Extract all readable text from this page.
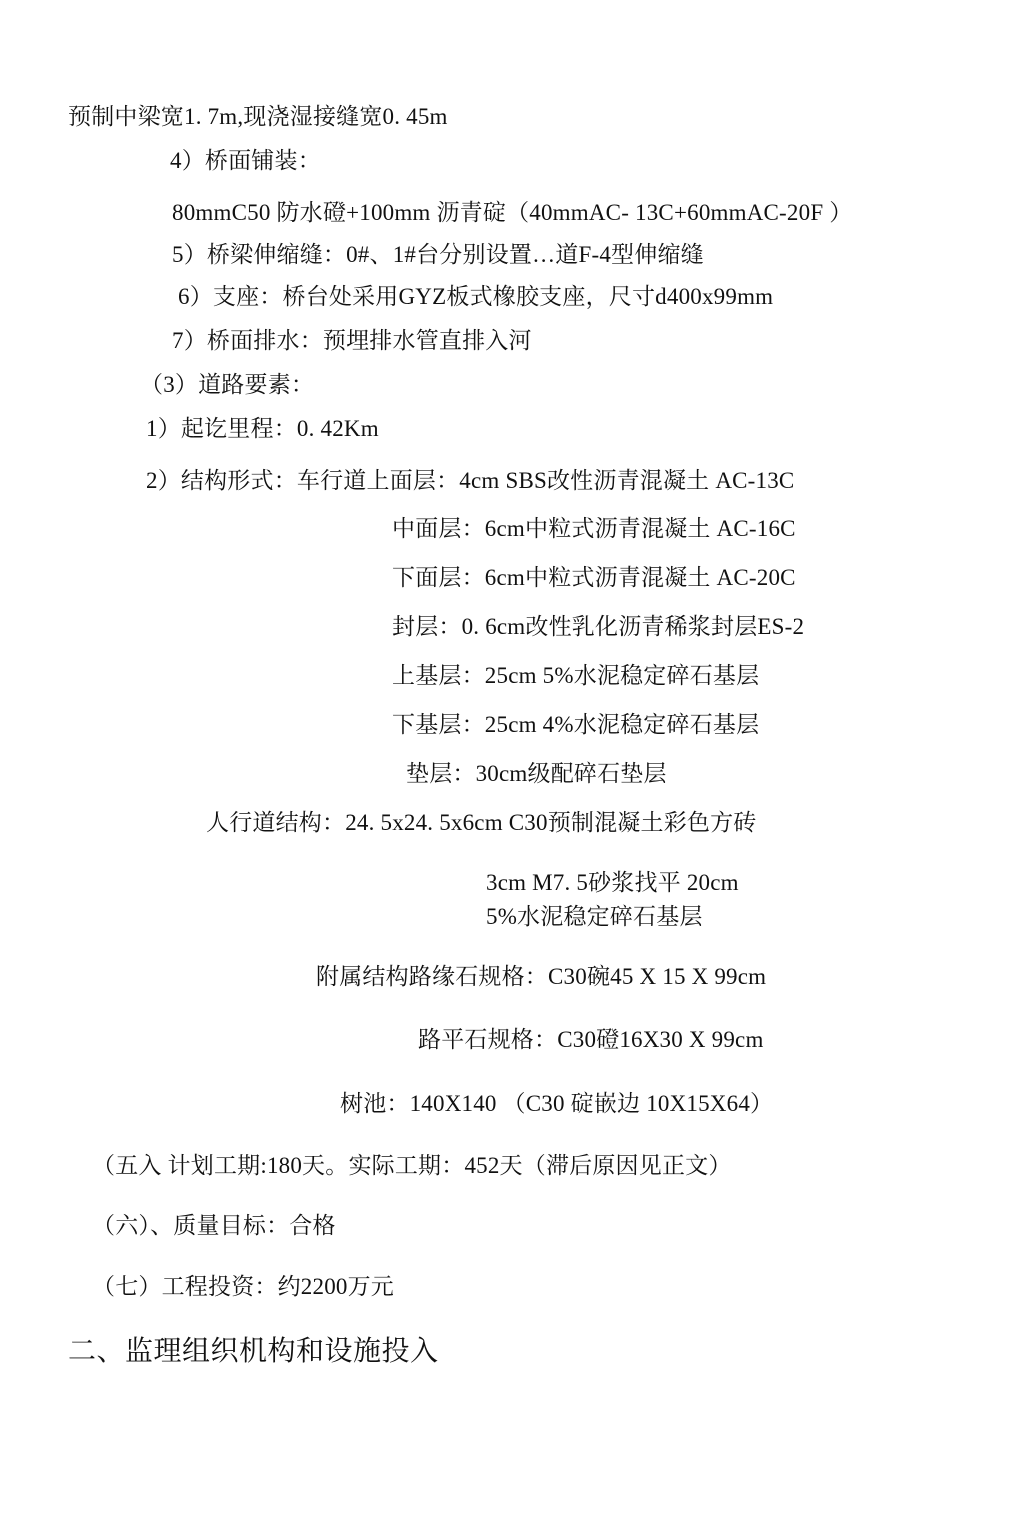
预制中梁宽1. 7m,现浇湿接缝宽0. 45m
4）桥面铺装：
80mmC50 防水磴+100mm 沥青碇（40mmAC- 13C+60mmAC-20F ）
5）桥梁伸缩缝：0#、1#台分别设置…道F-4型伸缩缝
6）支座：桥台处采用GYZ板式橡胶支座，尺寸d400x99mm
7）桥面排水：预埋排水管直排入河
（3）道路要素：
1）起讫里程：0. 42Km
2）结构形式：车行道上面层：4cm SBS改性沥青混凝土 AC-13C
中面层：6cm中粒式沥青混凝土 AC-16C
下面层：6cm中粒式沥青混凝土 AC-20C
封层：0. 6cm改性乳化沥青稀浆封层ES-2
上基层：25cm 5%水泥稳定碎石基层
下基层：25cm 4%水泥稳定碎石基层
垫层：30cm级配碎石垫层
人行道结构：24. 5x24. 5x6cm C30预制混凝土彩色方砖
3cm M7. 5砂浆找平 20cm
5%水泥稳定碎石基层
附属结构路缘石规格：C30碗45 X 15 X 99cm
路平石规格：C30磴16X30 X 99cm
树池：140X140 （C30 碇嵌边 10X15X64）
（五入 计划工期:180天。实际工期：452天（滞后原因见正文）
（六）、质量目标：合格
（七）工程投资：约2200万元
二、监理组织机构和设施投入
